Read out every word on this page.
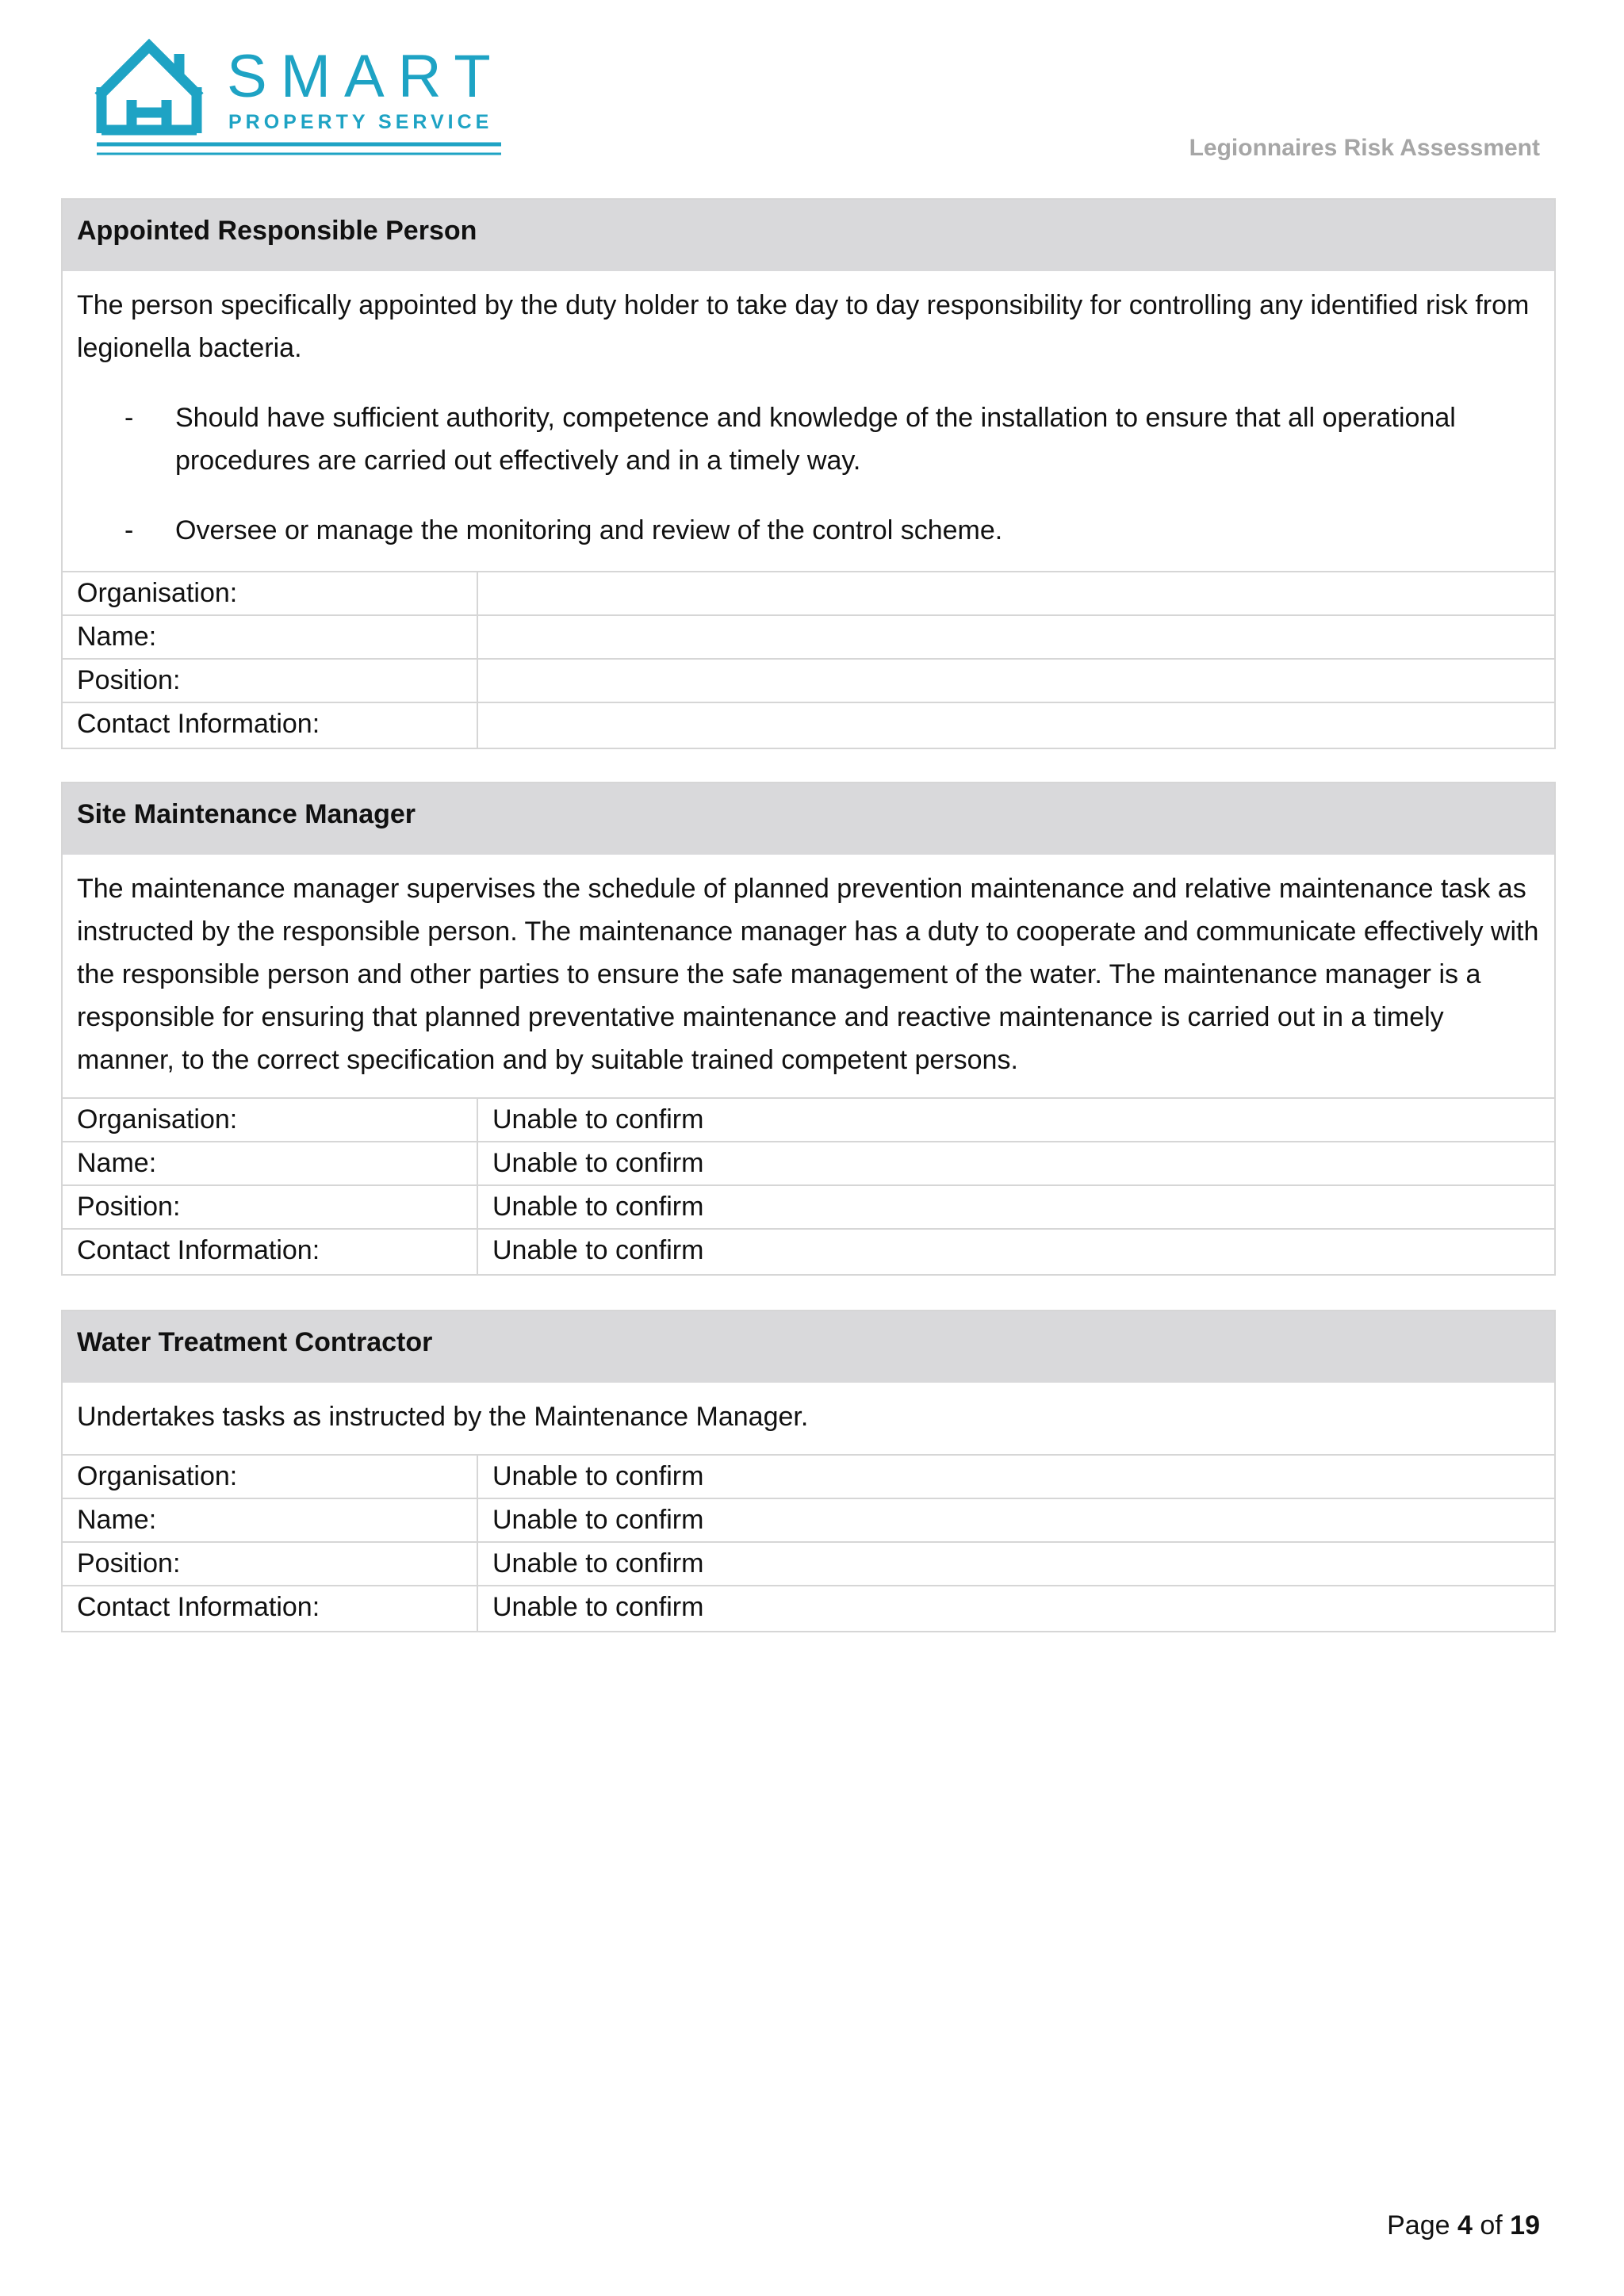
SMART
PROPERTY SERVICE
Legionnaires Risk Assessment
Appointed Responsible Person

The person specifically appointed by the duty holder to take day to day responsibility for controlling any identified risk from legionella bacteria.

- Should have sufficient authority, competence and knowledge of the installation to ensure that all operational procedures are carried out effectively and in a timely way.
- Oversee or manage the monitoring and review of the control scheme.
Organisation:
Name:
Position:
Contact Information:
Site Maintenance Manager

The maintenance manager supervises the schedule of planned prevention maintenance and relative maintenance task as instructed by the responsible person. The maintenance manager has a duty to cooperate and communicate effectively with the responsible person and other parties to ensure the safe management of the water. The maintenance manager is a responsible for ensuring that planned preventative maintenance and reactive maintenance is carried out in a timely manner, to the correct specification and by suitable trained competent persons.

Organisation:	Unable to confirm
Name:	Unable to confirm
Position:	Unable to confirm
Contact Information:	Unable to confirm
Water Treatment Contractor

Undertakes tasks as instructed by the Maintenance Manager.

Organisation:	Unable to confirm
Name:	Unable to confirm
Position:	Unable to confirm
Contact Information:	Unable to confirm
Page 4 of 19
